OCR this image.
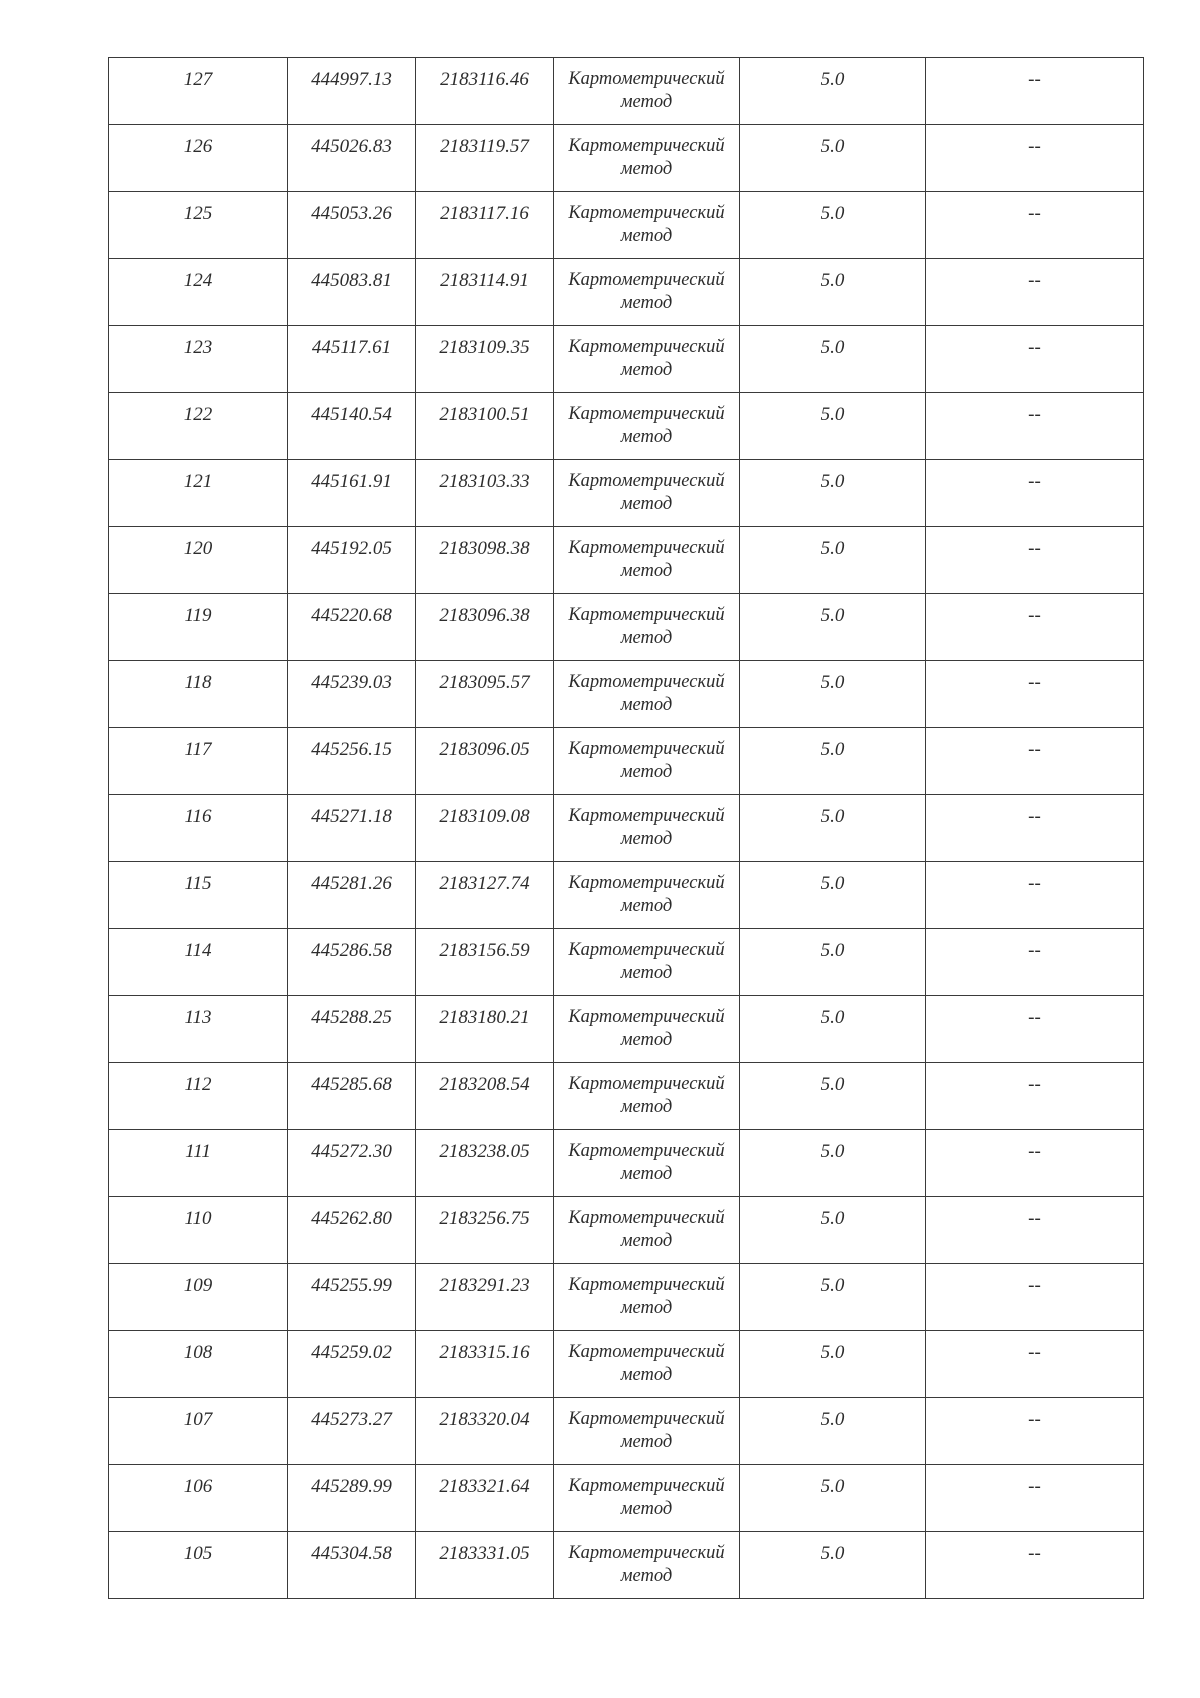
127	444997.13	2183116.46	Картометрический метод	5.0	--

126	445026.83	2183119.57	Картометрический метод	5.0	--

125	445053.26	2183117.16	Картометрический метод	5.0	--

124	445083.81	2183114.91	Картометрический метод	5.0	--

123	445117.61	2183109.35	Картометрический метод	5.0	--

122	445140.54	2183100.51	Картометрический метод	5.0	--

121	445161.91	2183103.33	Картометрический метод	5.0	--

120	445192.05	2183098.38	Картометрический метод	5.0	--

119	445220.68	2183096.38	Картометрический метод	5.0	--

118	445239.03	2183095.57	Картометрический метод	5.0	--

117	445256.15	2183096.05	Картометрический метод	5.0	--

116	445271.18	2183109.08	Картометрический метод	5.0	--

115	445281.26	2183127.74	Картометрический метод	5.0	--

114	445286.58	2183156.59	Картометрический метод	5.0	--

113	445288.25	2183180.21	Картометрический метод	5.0	--

112	445285.68	2183208.54	Картометрический метод	5.0	--

111	445272.30	2183238.05	Картометрический метод	5.0	--

110	445262.80	2183256.75	Картометрический метод	5.0	--

109	445255.99	2183291.23	Картометрический метод	5.0	--

108	445259.02	2183315.16	Картометрический метод	5.0	--

107	445273.27	2183320.04	Картометрический метод	5.0	--

106	445289.99	2183321.64	Картометрический метод	5.0	--

105	445304.58	2183331.05	Картометрический метод	5.0	--
